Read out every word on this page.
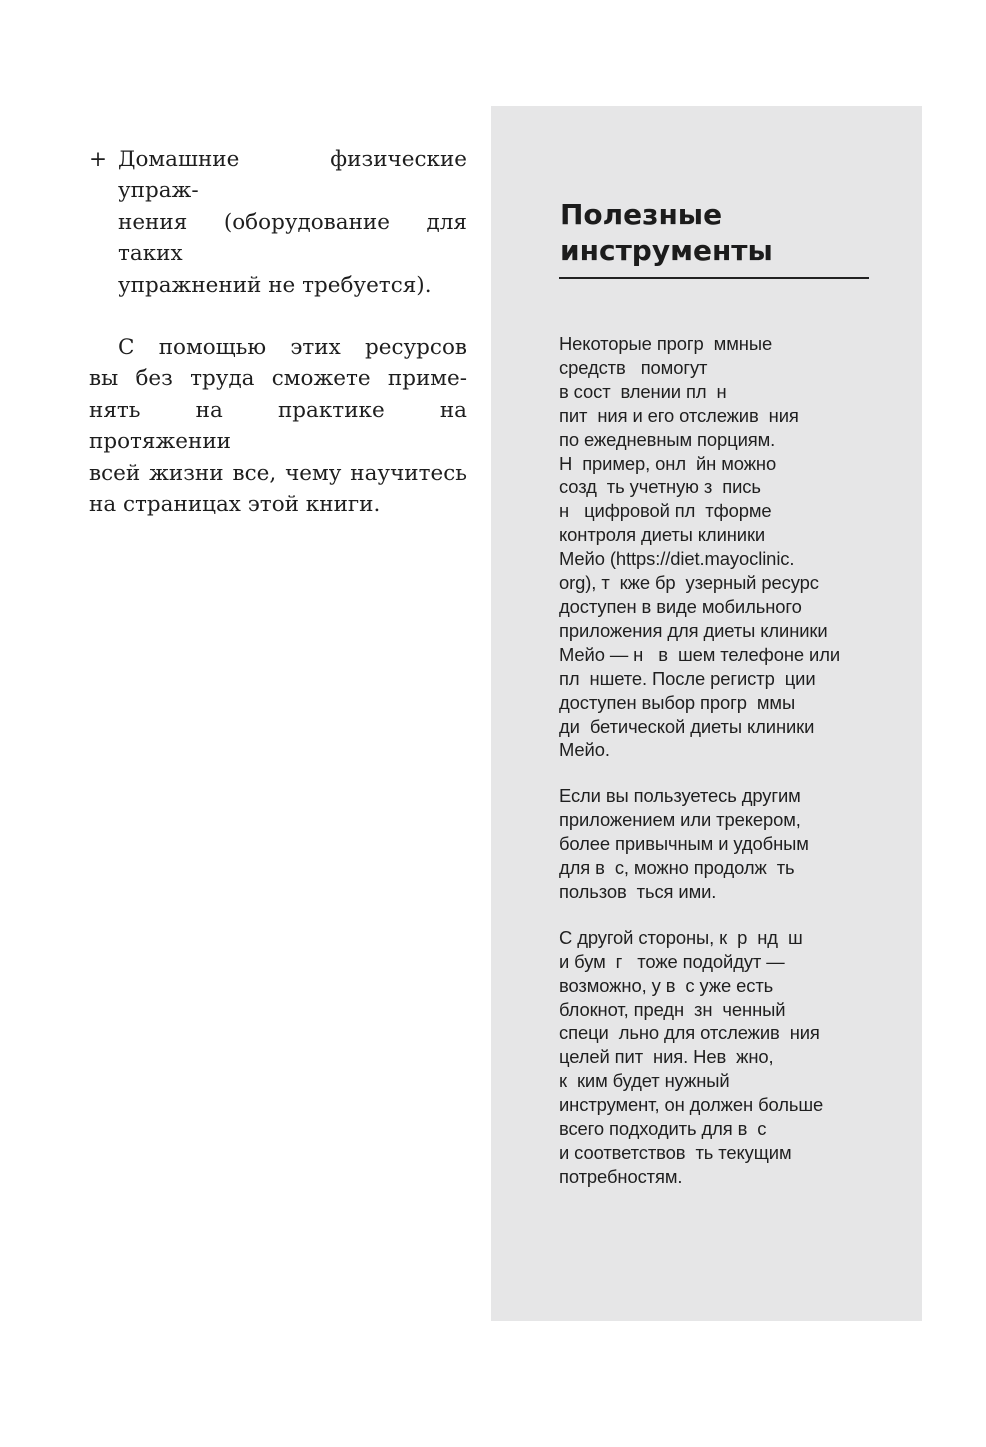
+ Домашние физические упраж-
нения (оборудование для таких
упражнений не требуется).
С помощью этих ресурсов
вы без труда сможете приме-
нять на практике на протяжении
всей жизни все, чему научитесь
на страницах этой книги.
Полезные
инструменты
Некоторые прогр  ммные
средств   помогут
в сост  влении пл  н
пит  ния и его отслежив  ния
по ежедневным порциям.
Н  пример, онл  йн можно
созд  ть учетную з  пись
н   цифровой пл  тформе
контроля диеты клиники
Мейо (https://diet.mayoclinic.
org), т  кже бр  узерный ресурс
доступен в виде мобильного
приложения для диеты клиники
Мейо — н   в  шем телефоне или
пл  ншете. После регистр  ции
доступен выбор прогр  ммы
ди  бетической диеты клиники
Мейо.
Если вы пользуетесь другим
приложением или трекером,
более привычным и удобным
для в  с, можно продолж  ть
пользов  ться ими.
С другой стороны, к  р  нд  ш
и бум  г   тоже подойдут —
возможно, у в  с уже есть
блокнот, предн  зн  ченный
специ  льно для отслежив  ния
целей пит  ния. Нев  жно,
к  ким будет нужный
инструмент, он должен больше
всего подходить для в  с
и соответствов  ть текущим
потребностям.
